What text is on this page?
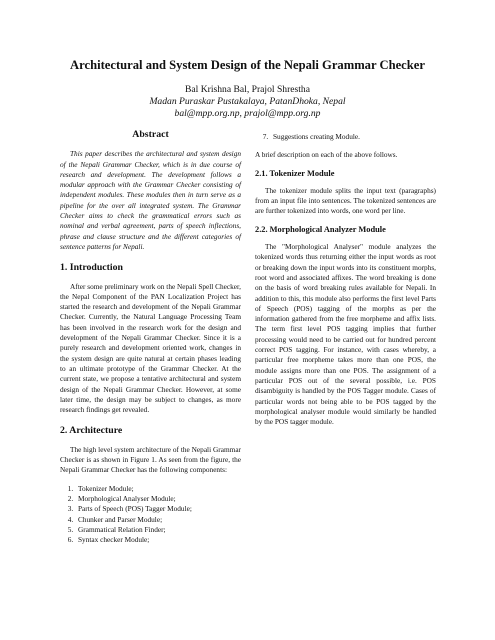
Architectural and System Design of the Nepali Grammar Checker
Bal Krishna Bal, Prajol Shrestha
Madan Puraskar Pustakalaya, PatanDhoka, Nepal
bal@mpp.org.np, prajol@mpp.org.np
Abstract

This paper describes the architectural and system design of the Nepali Grammar Checker, which is in due course of research and development. The development follows a modular approach with the Grammar Checker consisting of independent modules. These modules then in turn serve as a pipeline for the over all integrated system. The Grammar Checker aims to check the grammatical errors such as nominal and verbal agreement, parts of speech inflections, phrase and clause structure and the different categories of sentence patterns for Nepali.

1. Introduction

After some preliminary work on the Nepali Spell Checker, the Nepal Component of the PAN Localization Project has started the research and development of the Nepali Grammar Checker. Currently, the Natural Language Processing Team has been involved in the research work for the design and development of the Nepali Grammar Checker. Since it is a purely research and development oriented work, changes in the system design are quite natural at certain phases leading to an ultimate prototype of the Grammar Checker. At the current state, we propose a tentative architectural and system design of the Nepali Grammar Checker. However, at some later time, the design may be subject to changes, as more research findings get revealed.

2. Architecture

The high level system architecture of the Nepali Grammar Checker is as shown in Figure 1. As seen from the figure, the Nepali Grammar Checker has the following components:

1. Tokenizer Module;
2. Morphological Analyser Module;
3. Parts of Speech (POS) Tagger Module;
4. Chunker and Parser Module;
5. Grammatical Relation Finder;
6. Syntax checker Module;
7. Suggestions creating Module.

A brief description on each of the above follows.

2.1. Tokenizer Module

The tokenizer module splits the input text (paragraphs) from an input file into sentences. The tokenized sentences are are further tokenized into words, one word per line.

2.2. Morphological Analyzer Module

The "Morphological Analyser" module analyzes the tokenized words thus returning either the input words as root or breaking down the input words into its constituent morphs, root word and associated affixes. The word breaking is done on the basis of word breaking rules available for Nepali. In addition to this, this module also performs the first level Parts of Speech (POS) tagging of the morphs as per the information gathered from the free morpheme and affix lists. The term first level POS tagging implies that further processing would need to be carried out for hundred percent correct POS tagging. For instance, with cases whereby, a particular free morpheme takes more than one POS, the module assigns more than one POS. The assignment of a particular POS out of the several possible, i.e. POS disambiguity is handled by the POS Tagger module. Cases of particular words not being able to be POS tagged by the morphological analyser module would similarly be handled by the POS tagger module.
